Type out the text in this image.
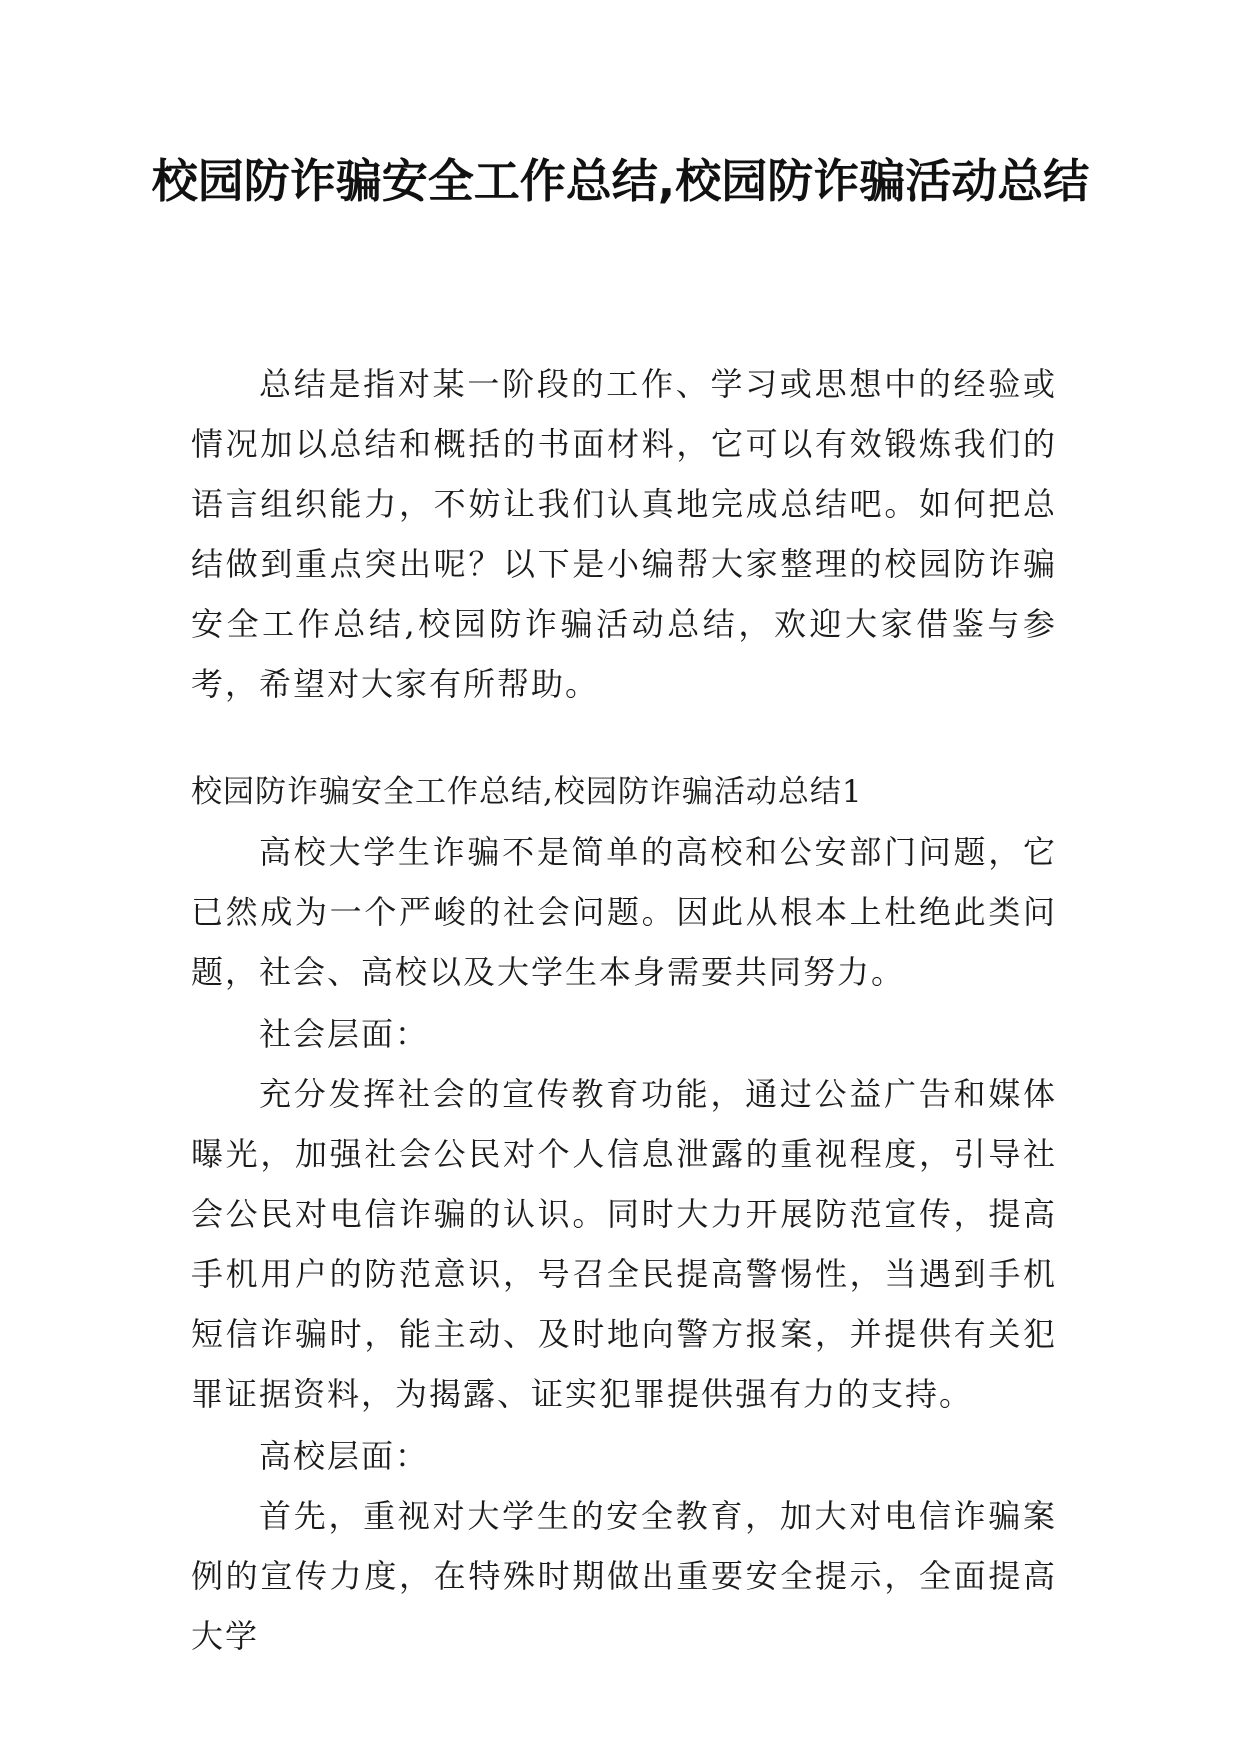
校园防诈骗安全工作总结,校园防诈骗活动总结

总结是指对某一阶段的工作、学习或思想中的经验或情况加以总结和概括的书面材料，它可以有效锻炼我们的语言组织能力，不妨让我们认真地完成总结吧。如何把总结做到重点突出呢？以下是小编帮大家整理的校园防诈骗安全工作总结,校园防诈骗活动总结，欢迎大家借鉴与参考，希望对大家有所帮助。

校园防诈骗安全工作总结,校园防诈骗活动总结1

高校大学生诈骗不是简单的高校和公安部门问题，它已然成为一个严峻的社会问题。因此从根本上杜绝此类问题，社会、高校以及大学生本身需要共同努力。

社会层面：

充分发挥社会的宣传教育功能，通过公益广告和媒体曝光，加强社会公民对个人信息泄露的重视程度，引导社会公民对电信诈骗的认识。同时大力开展防范宣传，提高手机用户的防范意识，号召全民提高警惕性，当遇到手机短信诈骗时，能主动、及时地向警方报案，并提供有关犯罪证据资料，为揭露、证实犯罪提供强有力的支持。

高校层面：

首先，重视对大学生的安全教育，加大对电信诈骗案例的宣传力度，在特殊时期做出重要安全提示，全面提高大学
